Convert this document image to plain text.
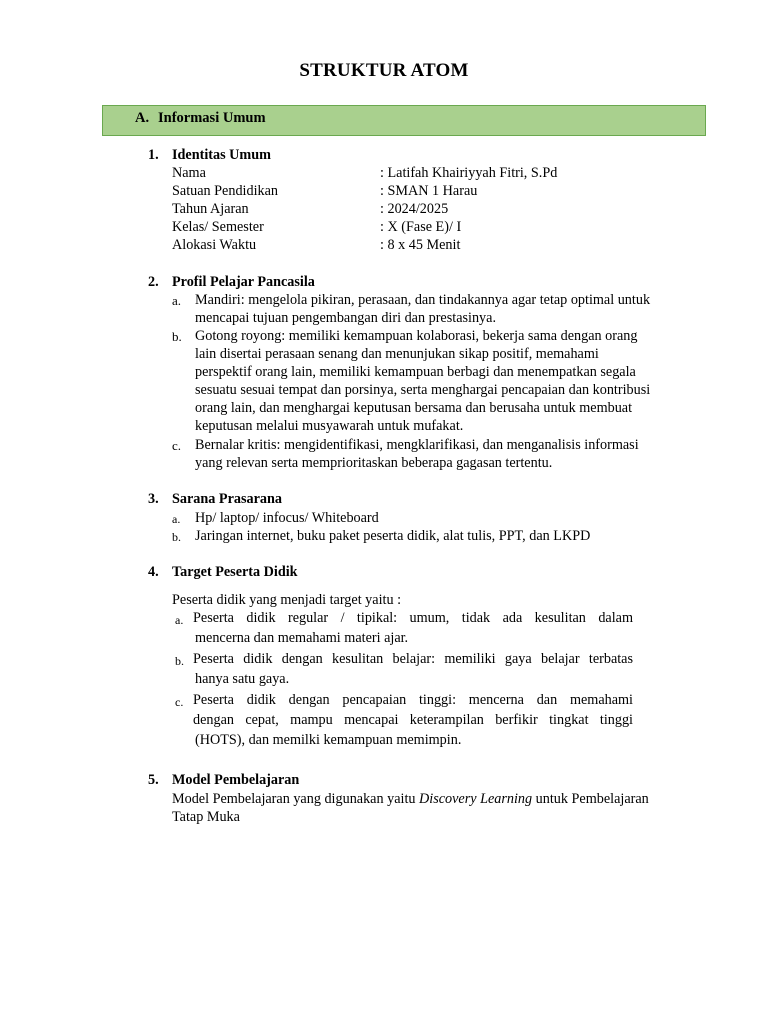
STRUKTUR ATOM
A. Informasi Umum
1. Identitas Umum
Nama	: Latifah Khairiyyah Fitri, S.Pd
Satuan Pendidikan	: SMAN 1 Harau
Tahun Ajaran	: 2024/2025
Kelas/ Semester	: X (Fase E)/ I
Alokasi Waktu	: 8 x 45 Menit
2. Profil Pelajar Pancasila
a. Mandiri: mengelola pikiran, perasaan, dan tindakannya agar tetap optimal untuk
mencapai tujuan pengembangan diri dan prestasinya.
b. Gotong royong: memiliki kemampuan kolaborasi, bekerja sama dengan orang
lain disertai perasaan senang dan menunjukan sikap positif, memahami
perspektif orang lain, memiliki kemampuan berbagi dan menempatkan segala
sesuatu sesuai tempat dan porsinya, serta menghargai pencapaian dan kontribusi
orang lain, dan menghargai keputusan bersama dan berusaha untuk membuat
keputusan melalui musyawarah untuk mufakat.
c. Bernalar kritis: mengidentifikasi, mengklarifikasi, dan menganalisis informasi
yang relevan serta memprioritaskan beberapa gagasan tertentu.
3. Sarana Prasarana
a. Hp/ laptop/ infocus/ Whiteboard
b. Jaringan internet, buku paket peserta didik, alat tulis, PPT, dan LKPD
4. Target Peserta Didik
Peserta didik yang menjadi target yaitu :
a. Peserta didik regular / tipikal: umum, tidak ada kesulitan dalam
mencerna dan memahami materi ajar.
b. Peserta didik dengan kesulitan belajar: memiliki gaya belajar terbatas
hanya satu gaya.
c. Peserta didik dengan pencapaian tinggi: mencerna dan memahami
dengan cepat, mampu mencapai keterampilan berfikir tingkat tinggi
(HOTS), dan memilki kemampuan memimpin.
5. Model Pembelajaran
Model Pembelajaran yang digunakan yaitu Discovery Learning untuk Pembelajaran
Tatap Muka
